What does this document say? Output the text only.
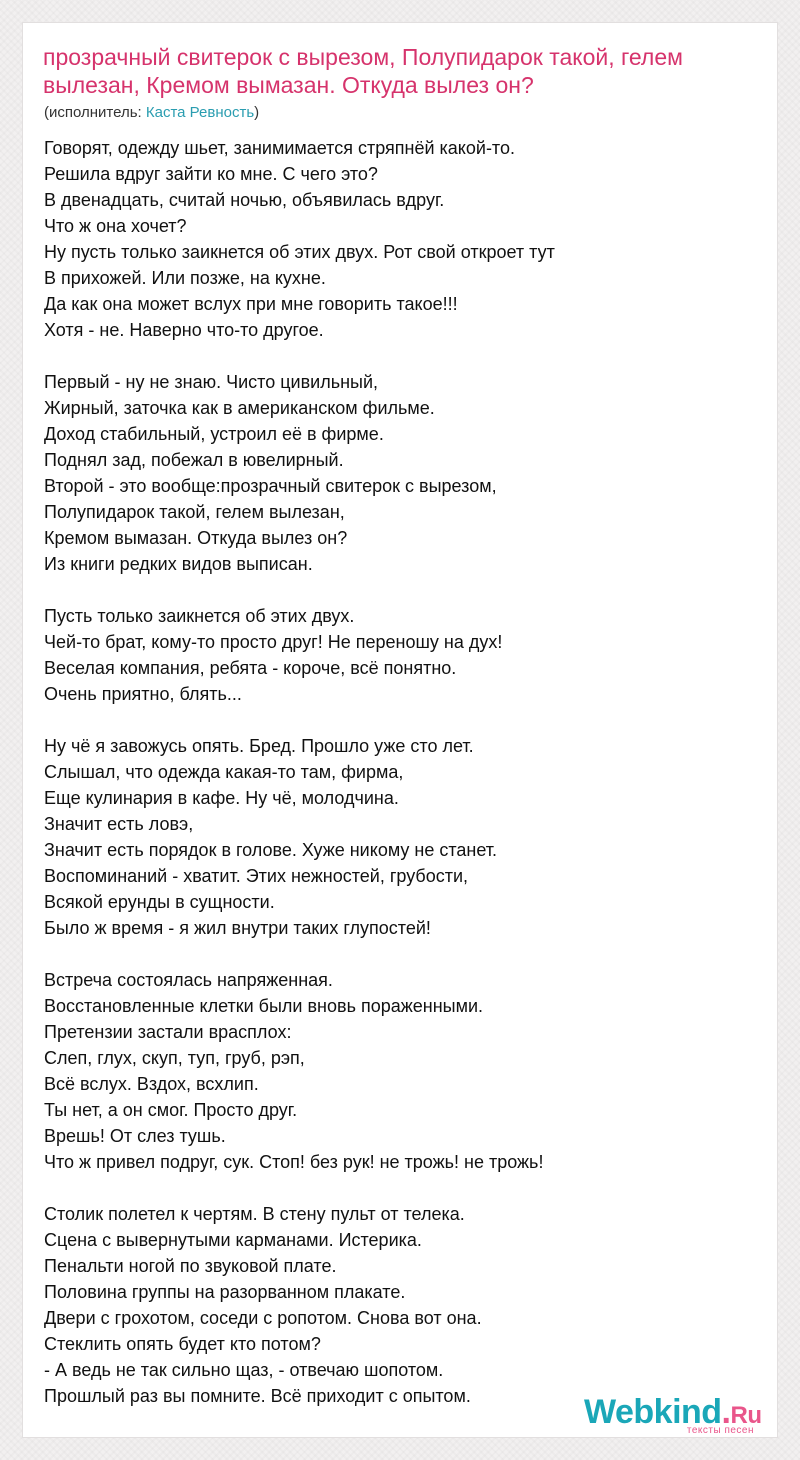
прозрачный свитерок с вырезом, Полупидарок такой, гелем вылезан, Кремом вымазан. Откуда вылез он?
(исполнитель: Каста Ревность)
Говорят, одежду шьет, занимимается стряпнёй какой-то.
Решила вдруг зайти ко мне. С чего это?
В двенадцать, считай ночью, объявилась вдруг.
Что ж она хочет?
Ну пусть только заикнется об этих двух. Рот свой откроет тут
В прихожей. Или позже, на кухне.
Да как она может вслух при мне говорить такое!!!
Хотя - не. Наверно что-то другое.
Первый - ну не знаю. Чисто цивильный,
Жирный, заточка как в американском фильме.
Доход стабильный, устроил её в фирме.
Поднял зад, побежал в ювелирный.
Второй - это вообще:прозрачный свитерок с вырезом,
Полупидарок такой, гелем вылезан,
Кремом вымазан. Откуда вылез он?
Из книги редких видов выписан.
Пусть только заикнется об этих двух.
Чей-то брат, кому-то просто друг! Не переношу на дух!
Веселая компания, ребята - короче, всё понятно.
Очень приятно, блять...
Ну чё я завожусь опять. Бред. Прошло уже сто лет.
Слышал, что одежда какая-то там, фирма,
Еще кулинария в кафе. Ну чё, молодчина.
Значит есть ловэ,
Значит есть порядок в голове. Хуже никому не станет.
Воспоминаний - хватит. Этих нежностей, грубости,
Всякой ерунды в сущности.
Было ж время - я жил внутри таких глупостей!
Встреча состоялась напряженная.
Восстановленные клетки были вновь пораженными.
Претензии застали врасплох:
Слеп, глух, скуп, туп, груб, рэп,
Всё вслух. Вздох, всхлип.
Ты нет, а он смог. Просто друг.
Врешь! От слез тушь.
Что ж привел подруг, сук. Стоп! без рук! не трожь! не трожь!
Столик полетел к чертям. В стену пульт от телека.
Сцена с вывернутыми карманами. Истерика.
Пенальти ногой по звуковой плате.
Половина группы на разорванном плакате.
Двери с грохотом, соседи с ропотом. Снова вот она.
Стеклить опять будет кто потом?
- А ведь не так сильно щаз, - отвечаю шопотом.
Прошлый раз вы помните. Всё приходит с опытом.	Webkind.Ru
тексты песен
